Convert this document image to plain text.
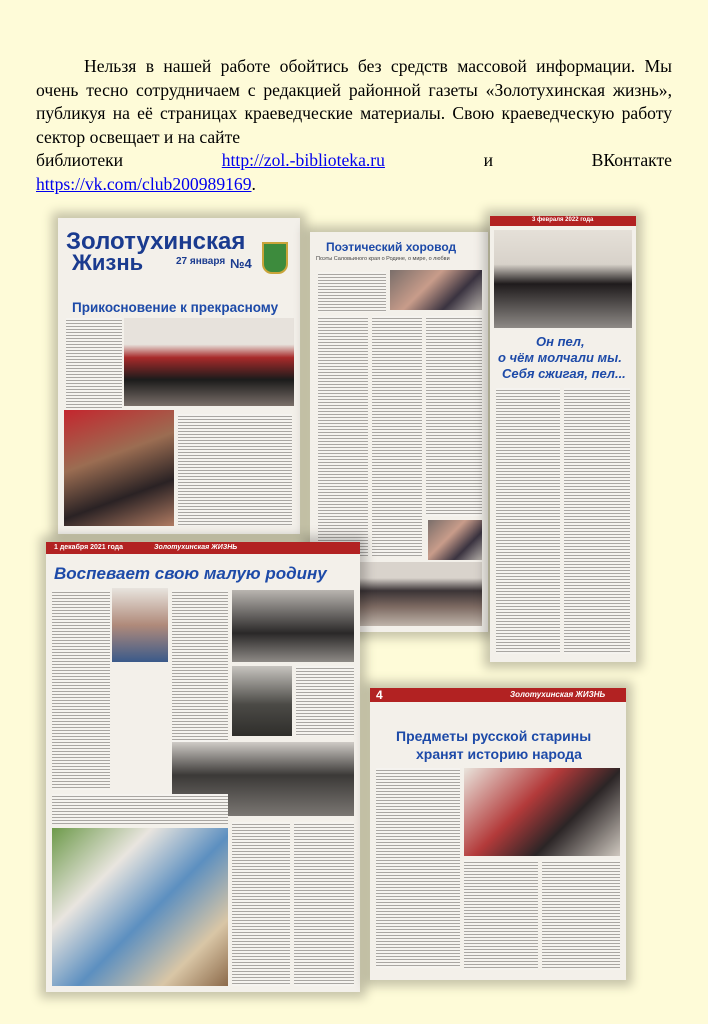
Нельзя в нашей работе обойтись без средств массовой информации. Мы очень тесно сотрудничаем с редакцией районной газеты «Золотухинская жизнь», публикуя на её страницах краеведческие материалы. Свою краеведческую работу сектор освещает и на сайте

библиотеки	http://zol.-biblioteka.ru	и	ВКонтакте

https://vk.com/club200989169.

Золотухинская
Жизнь	27 января №4
Прикосновение к прекрасному
Поэтический хоровод
Поэты Саловьиного края о Родине, о мире, о любви
3 февраля 2022 года
Он пел,
о чём молчали мы.
Себя сжигая, пел...
1 декабря 2021 года	Золотухинская ЖИЗНЬ
Воспевает свою малую родину
4	Золотухинская ЖИЗНЬ
Предметы русской старины
хранят историю народа
